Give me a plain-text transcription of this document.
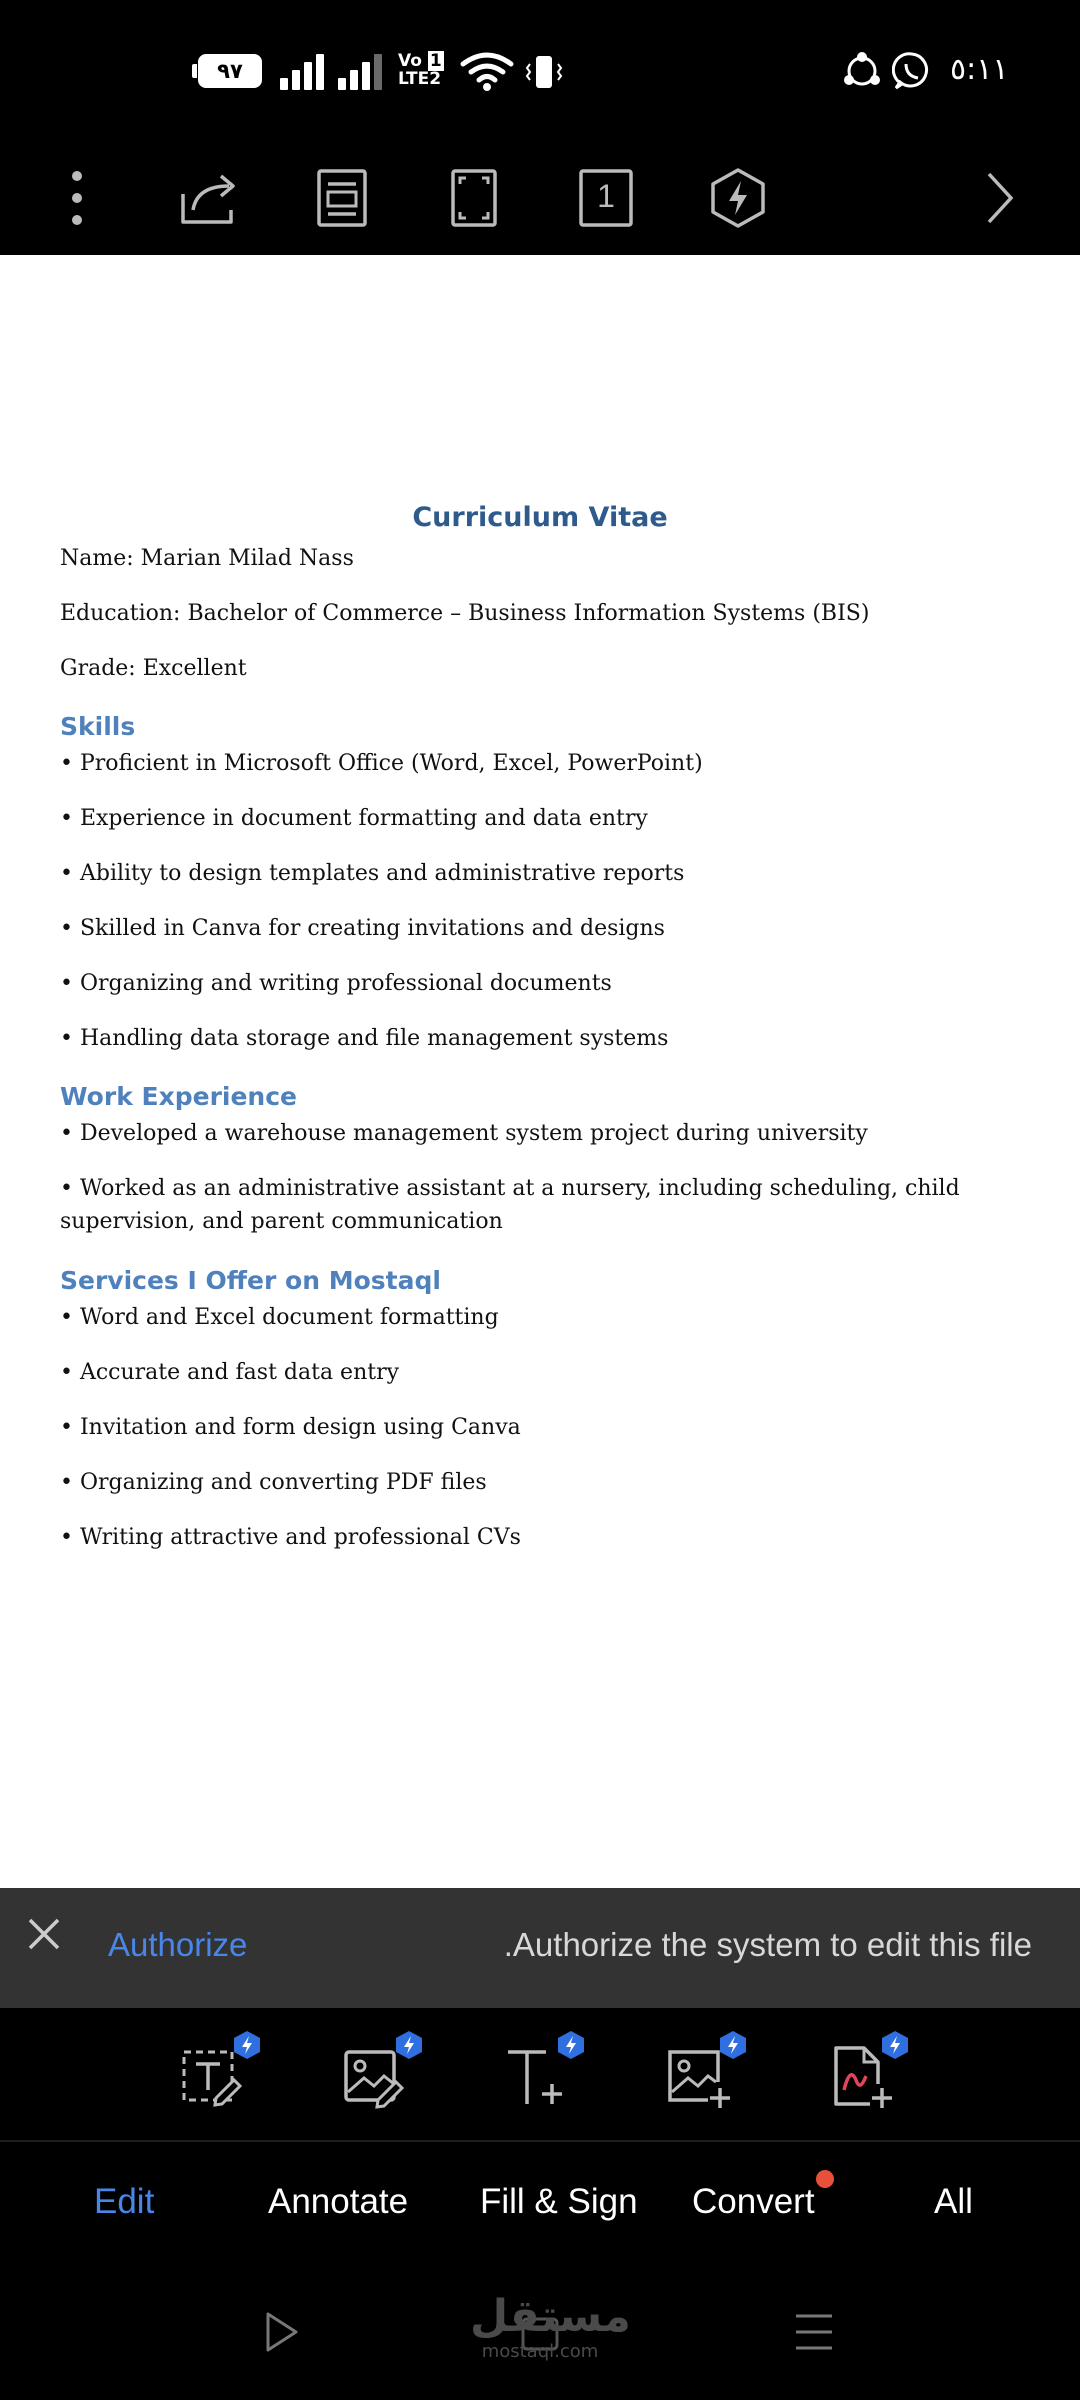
٩٧	Vo 1
LTE2	٥:١١
1
Curriculum Vitae
Name: Marian Milad Nass
Education: Bachelor of Commerce – Business Information Systems (BIS)
Grade: Excellent
Skills
• Proficient in Microsoft Office (Word, Excel, PowerPoint)
• Experience in document formatting and data entry
• Ability to design templates and administrative reports
• Skilled in Canva for creating invitations and designs
• Organizing and writing professional documents
• Handling data storage and file management systems
Work Experience
• Developed a warehouse management system project during university
• Worked as an administrative assistant at a nursery, including scheduling, child
supervision, and parent communication
Services I Offer on Mostaql
• Word and Excel document formatting
• Accurate and fast data entry
• Invitation and form design using Canva
• Organizing and converting PDF files
• Writing attractive and professional CVs
Authorize	.Authorize the system to edit this file
Edit	Annotate Fill & Sign Convert	All
مستقل
mostaql.com
